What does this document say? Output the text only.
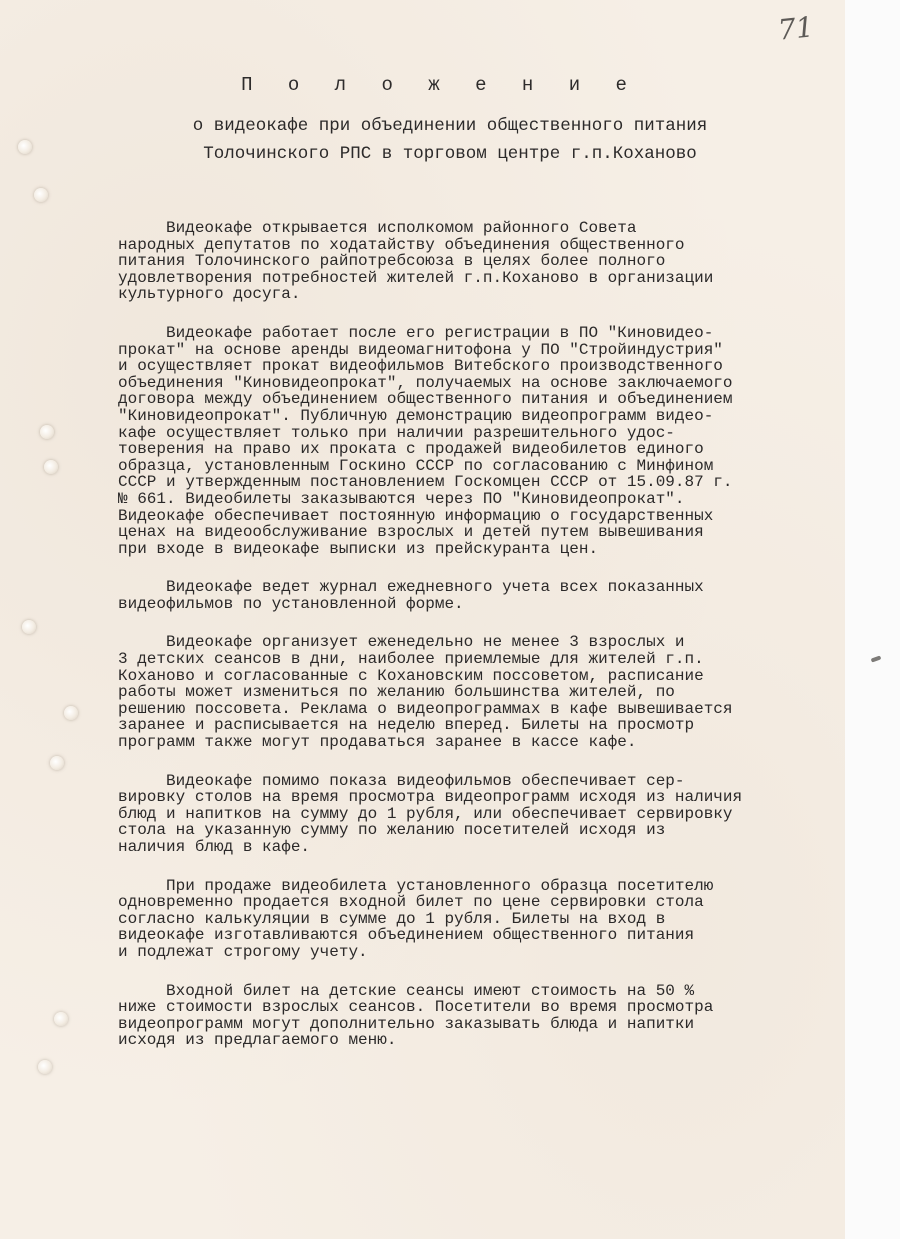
71
П о л о ж е н и е
о видеокафе при объединении общественного питания
Толочинского РПС в торговом центре г.п.Коханово
Видеокафе открывается исполкомом районного Совета
народных депутатов по ходатайству объединения общественного
питания Толочинского райпотребсоюза в целях более полного
удовлетворения потребностей жителей г.п.Коханово в организации
культурного досуга.
Видеокафе работает после его регистрации в ПО "Киновидео-
прокат" на основе аренды видеомагнитофона у ПО "Стройиндустрия"
и осуществляет прокат видеофильмов Витебского производственного
объединения "Киновидеопрокат", получаемых на основе заключаемого
договора между объединением общественного питания и объединением
"Киновидеопрокат". Публичную демонстрацию видеопрограмм видео-
кафе осуществляет только при наличии разрешительного удос-
товерения на право их проката с продажей видеобилетов единого
образца, установленным Госкино СССР по согласованию с Минфином
СССР и утвержденным постановлением Госкомцен СССР от 15.09.87 г.
№ 661. Видеобилеты заказываются через ПО "Киновидеопрокат".
Видеокафе обеспечивает постоянную информацию о государственных
ценах на видеообслуживание взрослых и детей путем вывешивания
при входе в видеокафе выписки из прейскуранта цен.
Видеокафе ведет журнал ежедневного учета всех показанных
видеофильмов по установленной форме.
Видеокафе организует еженедельно не менее 3 взрослых и
3 детских сеансов в дни, наиболее приемлемые для жителей г.п.
Коханово и согласованные с Кохановским поссоветом, расписание
работы может измениться по желанию большинства жителей, по
решению поссовета. Реклама о видеопрограммах в кафе вывешивается
заранее и расписывается на неделю вперед. Билеты на просмотр
программ также могут продаваться заранее в кассе кафе.
Видеокафе помимо показа видеофильмов обеспечивает сер-
вировку столов на время просмотра видеопрограмм исходя из наличия
блюд и напитков на сумму до 1 рубля, или обеспечивает сервировку
стола на указанную сумму по желанию посетителей исходя из
наличия блюд в кафе.
При продаже видеобилета установленного образца посетителю
одновременно продается входной билет по цене сервировки стола
согласно калькуляции в сумме до 1 рубля. Билеты на вход в
видеокафе изготавливаются объединением общественного питания
и подлежат строгому учету.
Входной билет на детские сеансы имеют стоимость на 50 %
ниже стоимости взрослых сеансов. Посетители во время просмотра
видеопрограмм могут дополнительно заказывать блюда и напитки
исходя из предлагаемого меню.
